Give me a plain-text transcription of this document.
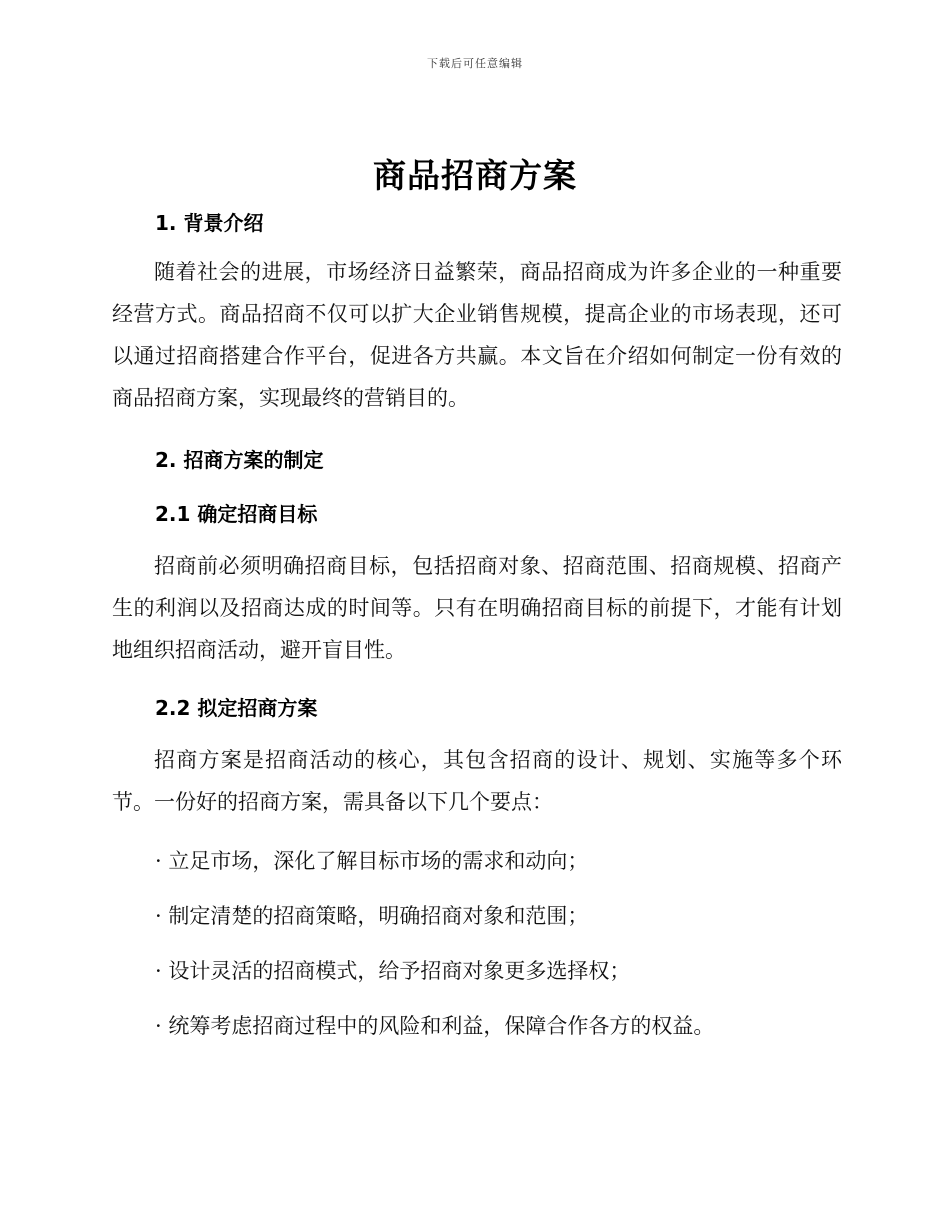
下载后可任意编辑
商品招商方案
1. 背景介绍
随着社会的进展，市场经济日益繁荣，商品招商成为许多企业的一种重要经营方式。商品招商不仅可以扩大企业销售规模，提高企业的市场表现，还可以通过招商搭建合作平台，促进各方共赢。本文旨在介绍如何制定一份有效的商品招商方案，实现最终的营销目的。
2. 招商方案的制定
2.1 确定招商目标
招商前必须明确招商目标，包括招商对象、招商范围、招商规模、招商产生的利润以及招商达成的时间等。只有在明确招商目标的前提下，才能有计划地组织招商活动，避开盲目性。
2.2 拟定招商方案
招商方案是招商活动的核心，其包含招商的设计、规划、实施等多个环节。一份好的招商方案，需具备以下几个要点：
· 立足市场，深化了解目标市场的需求和动向；
· 制定清楚的招商策略，明确招商对象和范围；
· 设计灵活的招商模式，给予招商对象更多选择权；
· 统筹考虑招商过程中的风险和利益，保障合作各方的权益。
